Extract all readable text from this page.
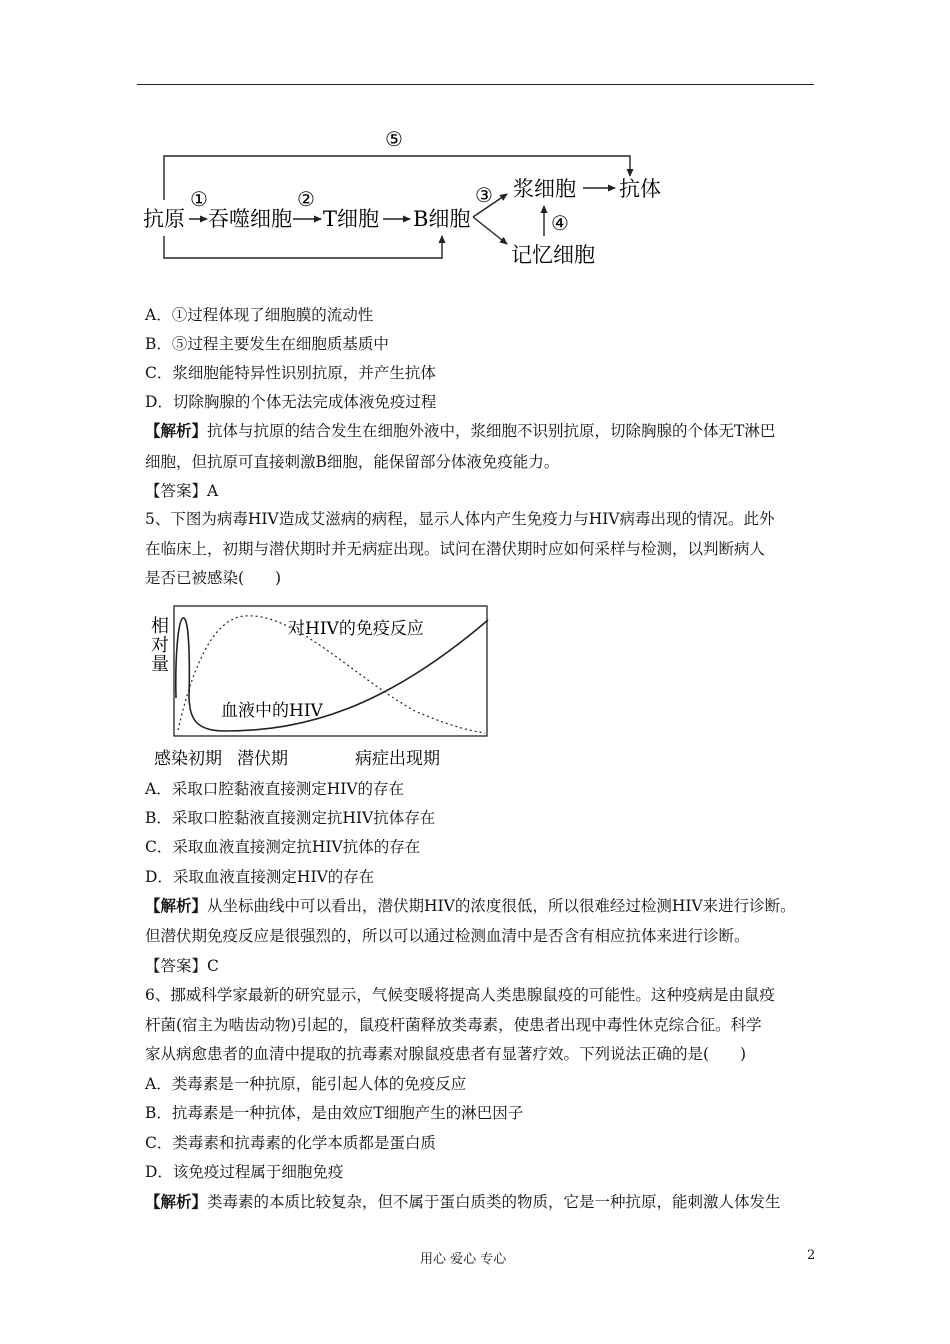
抗原
①
吞噬细胞
②
T细胞 B细胞
③ 浆细胞 抗体
④
记忆细胞
⑤
A．①过程体现了细胞膜的流动性
B．⑤过程主要发生在细胞质基质中
C．浆细胞能特异性识别抗原，并产生抗体
D．切除胸腺的个体无法完成体液免疫过程
【解析】抗体与抗原的结合发生在细胞外液中，浆细胞不识别抗原，切除胸腺的个体无T淋巴
细胞，但抗原可直接刺激B细胞，能保留部分体液免疫能力。
【答案】A
5、下图为病毒HIV造成艾滋病的病程，显示人体内产生免疫力与HIV病毒出现的情况。此外
在临床上，初期与潜伏期时并无病症出现。试问在潜伏期时应如何采样与检测，以判断病人
是否已被感染(　　)
相
对
量
对HIV的免疫反应
血液中的HIV
感染初期 潜伏期	病症出现期
A．采取口腔黏液直接测定HIV的存在
B．采取口腔黏液直接测定抗HIV抗体存在
C．采取血液直接测定抗HIV抗体的存在
D．采取血液直接测定HIV的存在
【解析】从坐标曲线中可以看出，潜伏期HIV的浓度很低，所以很难经过检测HIV来进行诊断。
但潜伏期免疫反应是很强烈的，所以可以通过检测血清中是否含有相应抗体来进行诊断。
【答案】C
6、挪威科学家最新的研究显示，气候变暖将提高人类患腺鼠疫的可能性。这种疫病是由鼠疫
杆菌(宿主为啮齿动物)引起的，鼠疫杆菌释放类毒素，使患者出现中毒性休克综合征。科学
家从病愈患者的血清中提取的抗毒素对腺鼠疫患者有显著疗效。下列说法正确的是(　　)
A．类毒素是一种抗原，能引起人体的免疫反应
B．抗毒素是一种抗体，是由效应T细胞产生的淋巴因子
C．类毒素和抗毒素的化学本质都是蛋白质
D．该免疫过程属于细胞免疫
【解析】类毒素的本质比较复杂，但不属于蛋白质类的物质，它是一种抗原，能刺激人体发生
用心 爱心 专心	2
